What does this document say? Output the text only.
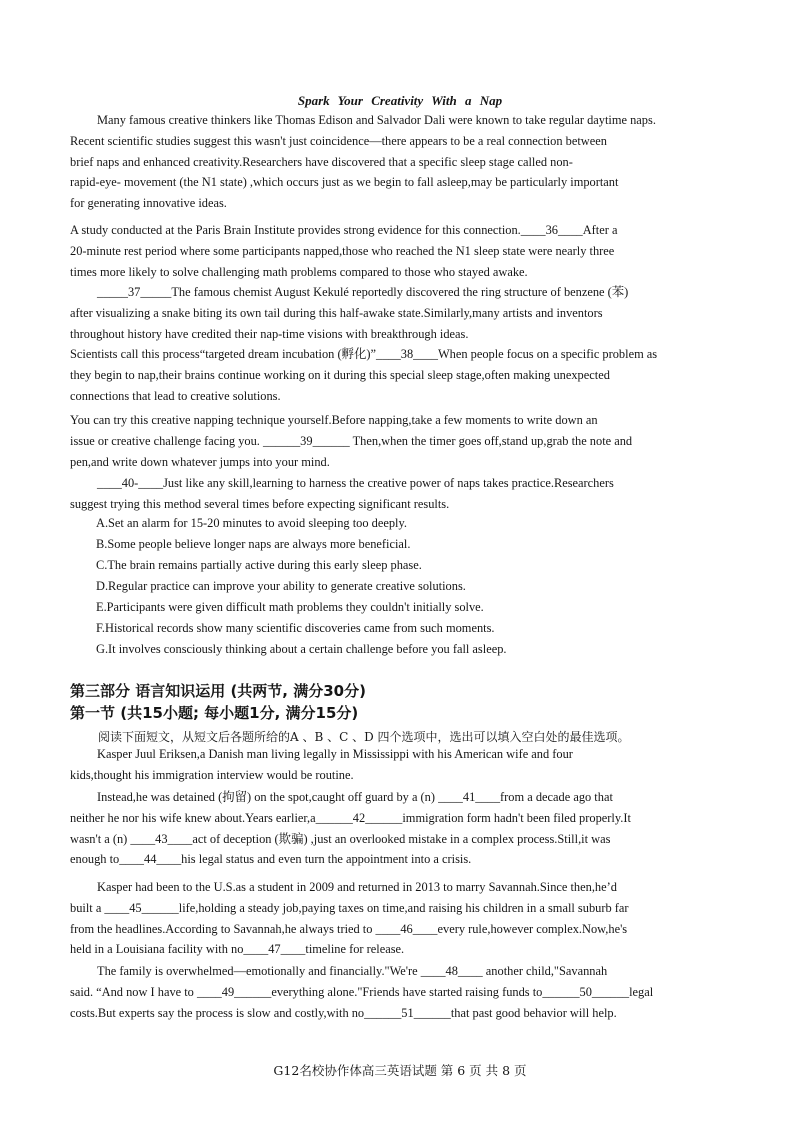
Spark Your Creativity With a Nap
Many famous creative thinkers like Thomas Edison and Salvador Dali were known to take regular daytime naps.
Recent scientific studies suggest this wasn't just coincidence—there appears to be a real connection between
brief naps and enhanced creativity.Researchers have discovered that a specific sleep stage called non-
rapid-eye- movement (the N1 state) ,which occurs just as we begin to fall asleep,may be particularly important
for generating innovative ideas.
A study conducted at the Paris Brain Institute provides strong evidence for this connection.____36____After a
20-minute rest period where some participants napped,those who reached the N1 sleep state were nearly three
times more likely to solve challenging math problems compared to those who stayed awake.
_____37_____The famous chemist August Kekulé reportedly discovered the ring structure of benzene (苯)
after visualizing a snake biting its own tail during this half-awake state.Similarly,many artists and inventors
throughout history have credited their nap-time visions with breakthrough ideas.
Scientists call this process“targeted dream incubation (孵化)”____38____When people focus on a specific problem as
they begin to nap,their brains continue working on it during this special sleep stage,often making unexpected
connections that lead to creative solutions.
You can try this creative napping technique yourself.Before napping,take a few moments to write down an
issue or creative challenge facing you. ______39______ Then,when the timer goes off,stand up,grab the note and
pen,and write down whatever jumps into your mind.
____40-____Just like any skill,learning to harness the creative power of naps takes practice.Researchers
suggest trying this method several times before expecting significant results.
A.Set an alarm for 15-20 minutes to avoid sleeping too deeply.
B.Some people believe longer naps are always more beneficial.
C.The brain remains partially active during this early sleep phase.
D.Regular practice can improve your ability to generate creative solutions.
E.Participants were given difficult math problems they couldn't initially solve.
F.Historical records show many scientific discoveries came from such moments.
G.It involves consciously thinking about a certain challenge before you fall asleep.
第三部分 语言知识运用 (共两节, 满分30分)
第一节 (共15小题; 每小题1分, 满分15分)
阅读下面短文，从短文后各题所给的A 、B 、C 、D 四个选项中，选出可以填入空白处的最佳选项。
Kasper Juul Eriksen,a Danish man living legally in Mississippi with his American wife and four
kids,thought his immigration interview would be routine.
Instead,he was detained (拘留) on the spot,caught off guard by a (n) ____41____from a decade ago that
neither he nor his wife knew about.Years earlier,a______42______immigration form hadn't been filed properly.It
wasn't a (n) ____43____act of deception (欺骗) ,just an overlooked mistake in a complex process.Still,it was
enough to____44____his legal status and even turn the appointment into a crisis.
Kasper had been to the U.S.as a student in 2009 and returned in 2013 to marry Savannah.Since then,he’d
built a ____45______life,holding a steady job,paying taxes on time,and raising his children in a small suburb far
from the headlines.According to Savannah,he always tried to ____46____every rule,however complex.Now,he's
held in a Louisiana facility with no____47____timeline for release.
The family is overwhelmed—emotionally and financially."We're ____48____ another child,"Savannah
said. “And now I have to ____49______everything alone."Friends have started raising funds to______50______legal
costs.But experts say the process is slow and costly,with no______51______that past good behavior will help.
G12名校协作体高三英语试题 第 6 页 共 8 页
